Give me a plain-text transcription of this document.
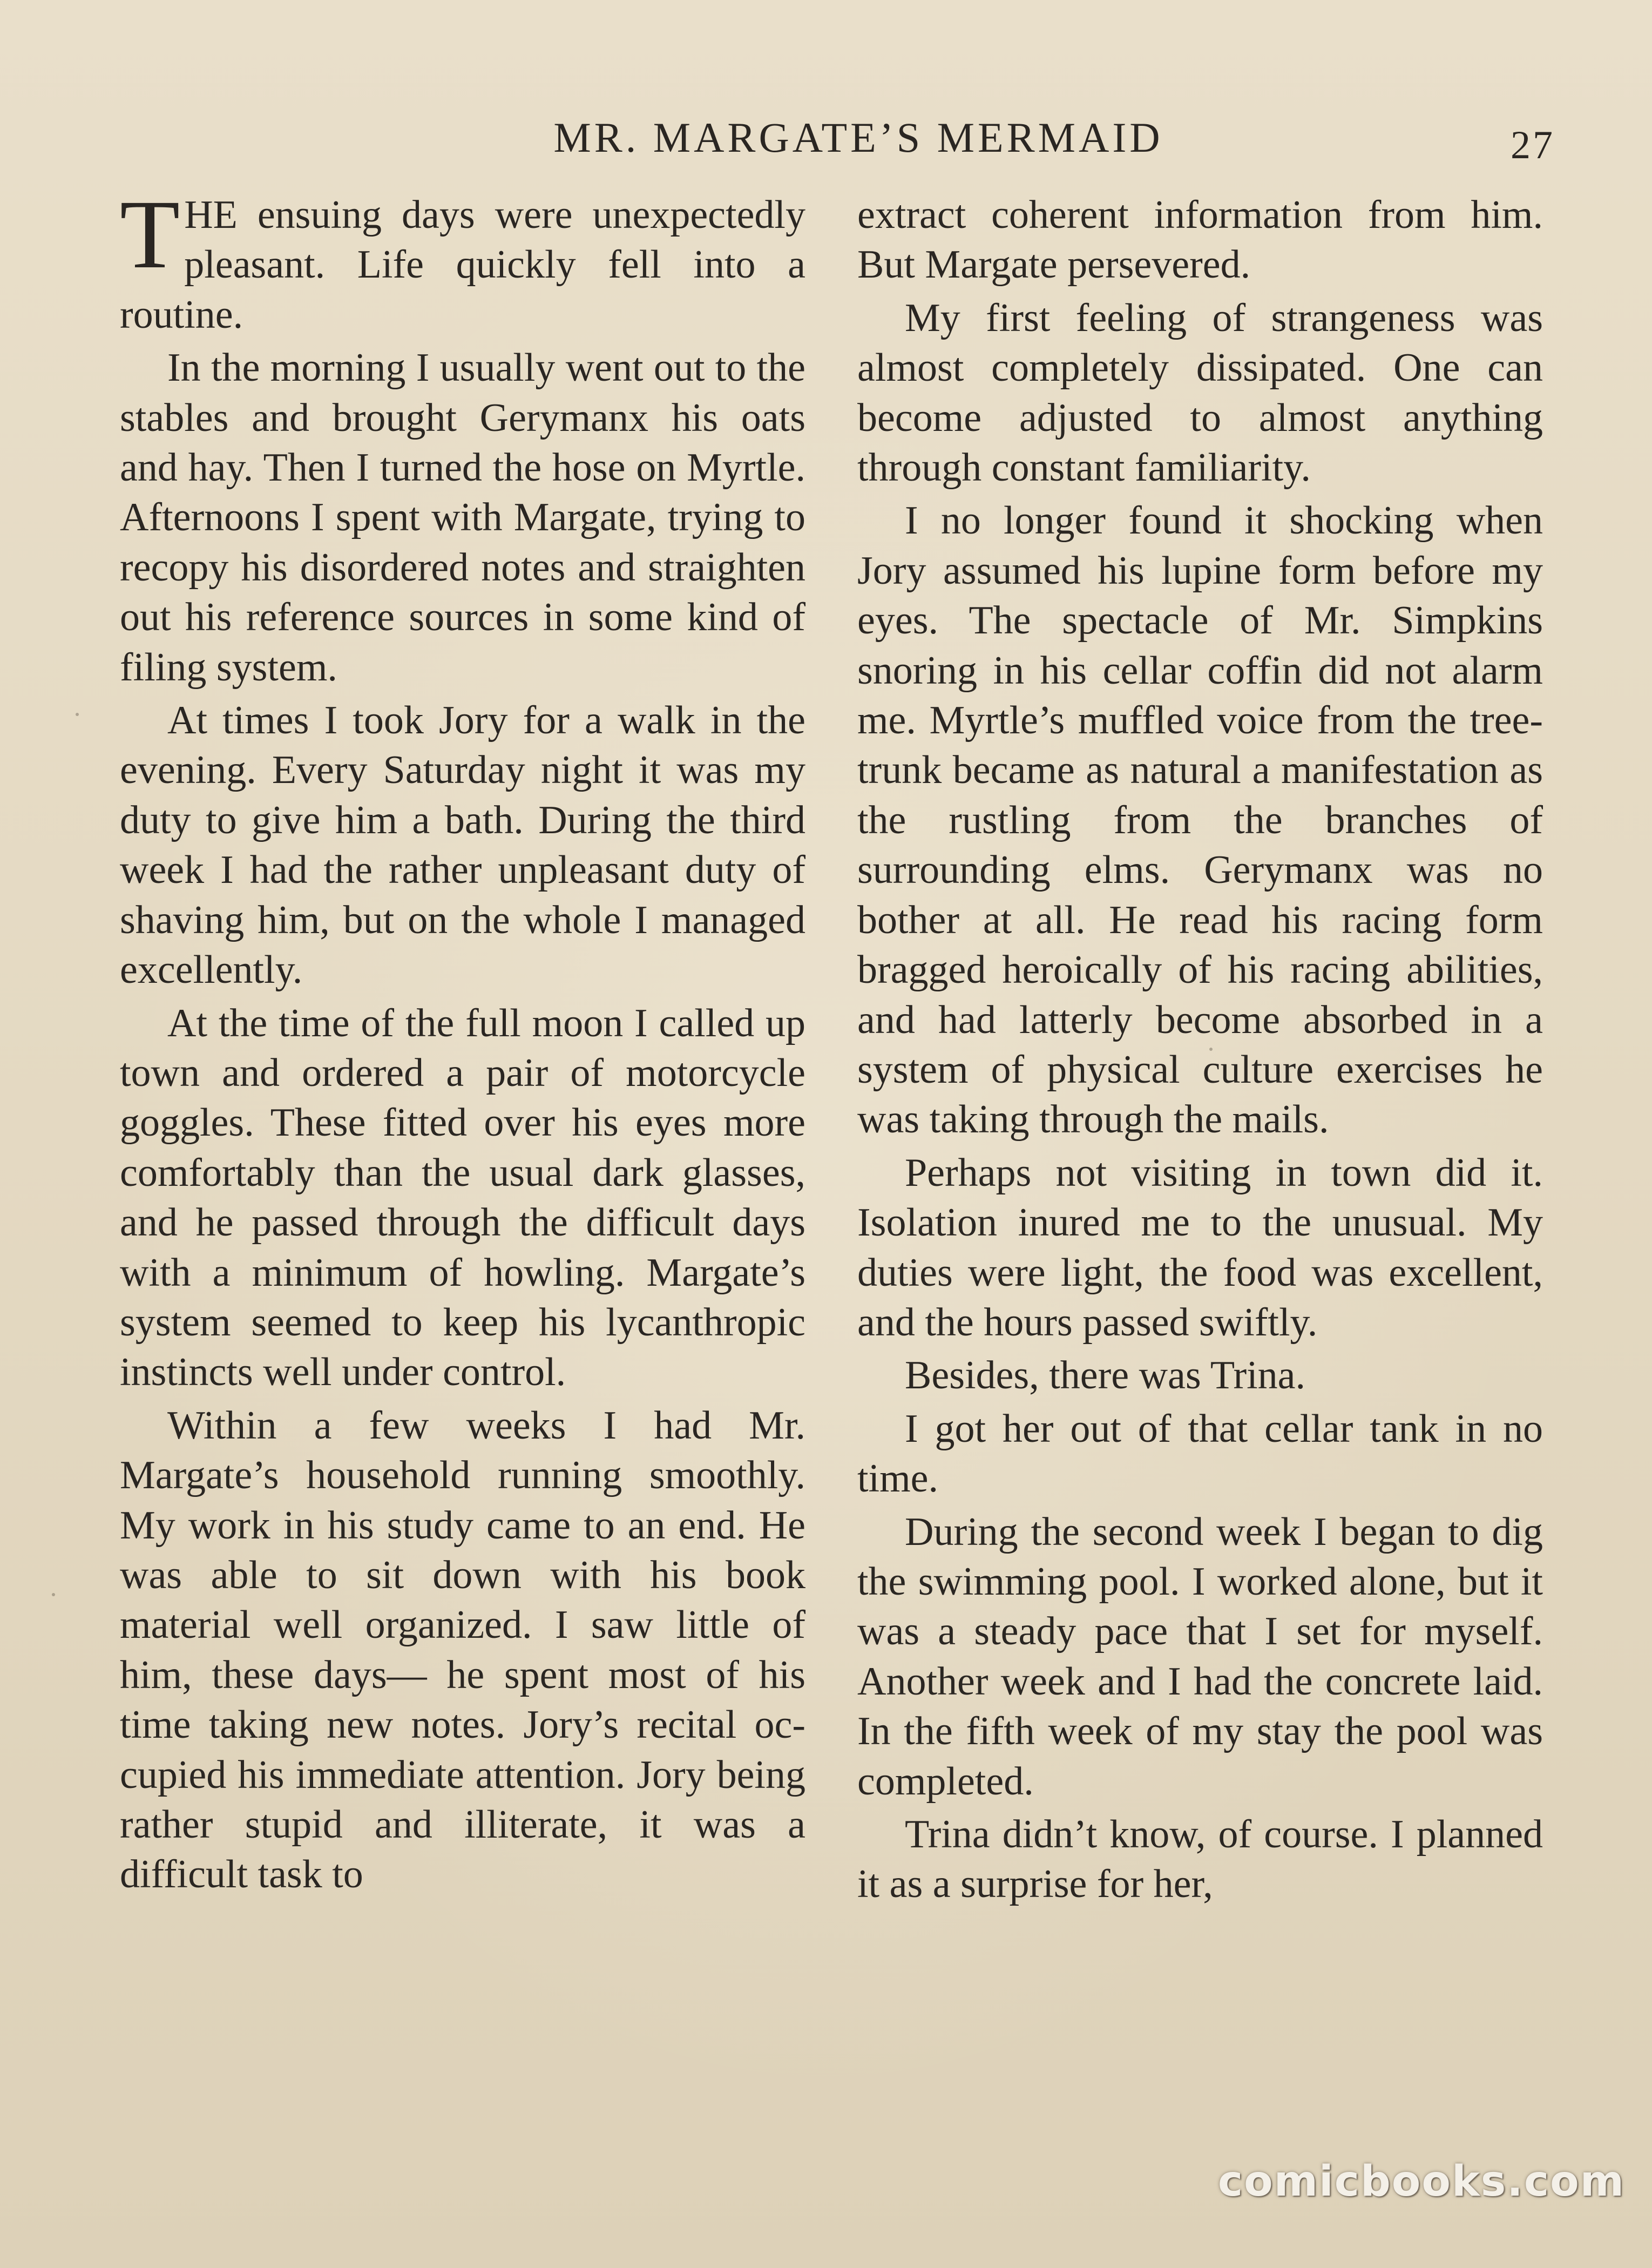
MR. MARGATE’S MERMAID	27

THE ensuing days were unexpectedly pleasant. Life quickly fell into a routine.

In the morning I usually went out to the stables and brought Gerymanx his oats and hay. Then I turned the hose on Myrtle. Afternoons I spent with Margate, trying to recopy his disordered notes and straighten out his reference sources in some kind of filing system.

At times I took Jory for a walk in the evening. Every Saturday night it was my duty to give him a bath. During the third week I had the rather unpleasant duty of shaving him, but on the whole I managed excellently.

At the time of the full moon I called up town and ordered a pair of motorcycle goggles. These fitted over his eyes more comfortably than the usual dark glasses, and he passed through the difficult days with a minimum of howling. Margate’s system seemed to keep his lycanthropic instincts well under control.

Within a few weeks I had Mr. Margate’s household running smoothly. My work in his study came to an end. He was able to sit down with his book material well organized. I saw little of him, these days— he spent most of his time taking new notes. Jory’s recital occupied his immediate attention. Jory being rather stupid and illiterate, it was a difficult task to

extract coherent information from him. But Margate persevered.

My first feeling of strangeness was almost completely dissipated. One can become adjusted to almost anything through constant familiarity.

I no longer found it shocking when Jory assumed his lupine form before my eyes. The spectacle of Mr. Simpkins snoring in his cellar coffin did not alarm me. Myrtle’s muffled voice from the tree-trunk became as natural a manifestation as the rustling from the branches of surrounding elms. Gerymanx was no bother at all. He read his racing form bragged heroically of his racing abilities, and had latterly become absorbed in a system of physical culture exercises he was taking through the mails.

Perhaps not visiting in town did it. Isolation inured me to the unusual. My duties were light, the food was excellent, and the hours passed swiftly.

Besides, there was Trina.

I got her out of that cellar tank in no time.

During the second week I began to dig the swimming pool. I worked alone, but it was a steady pace that I set for myself. Another week and I had the concrete laid. In the fifth week of my stay the pool was completed.

Trina didn’t know, of course. I planned it as a surprise for her,

comicbooks.com
